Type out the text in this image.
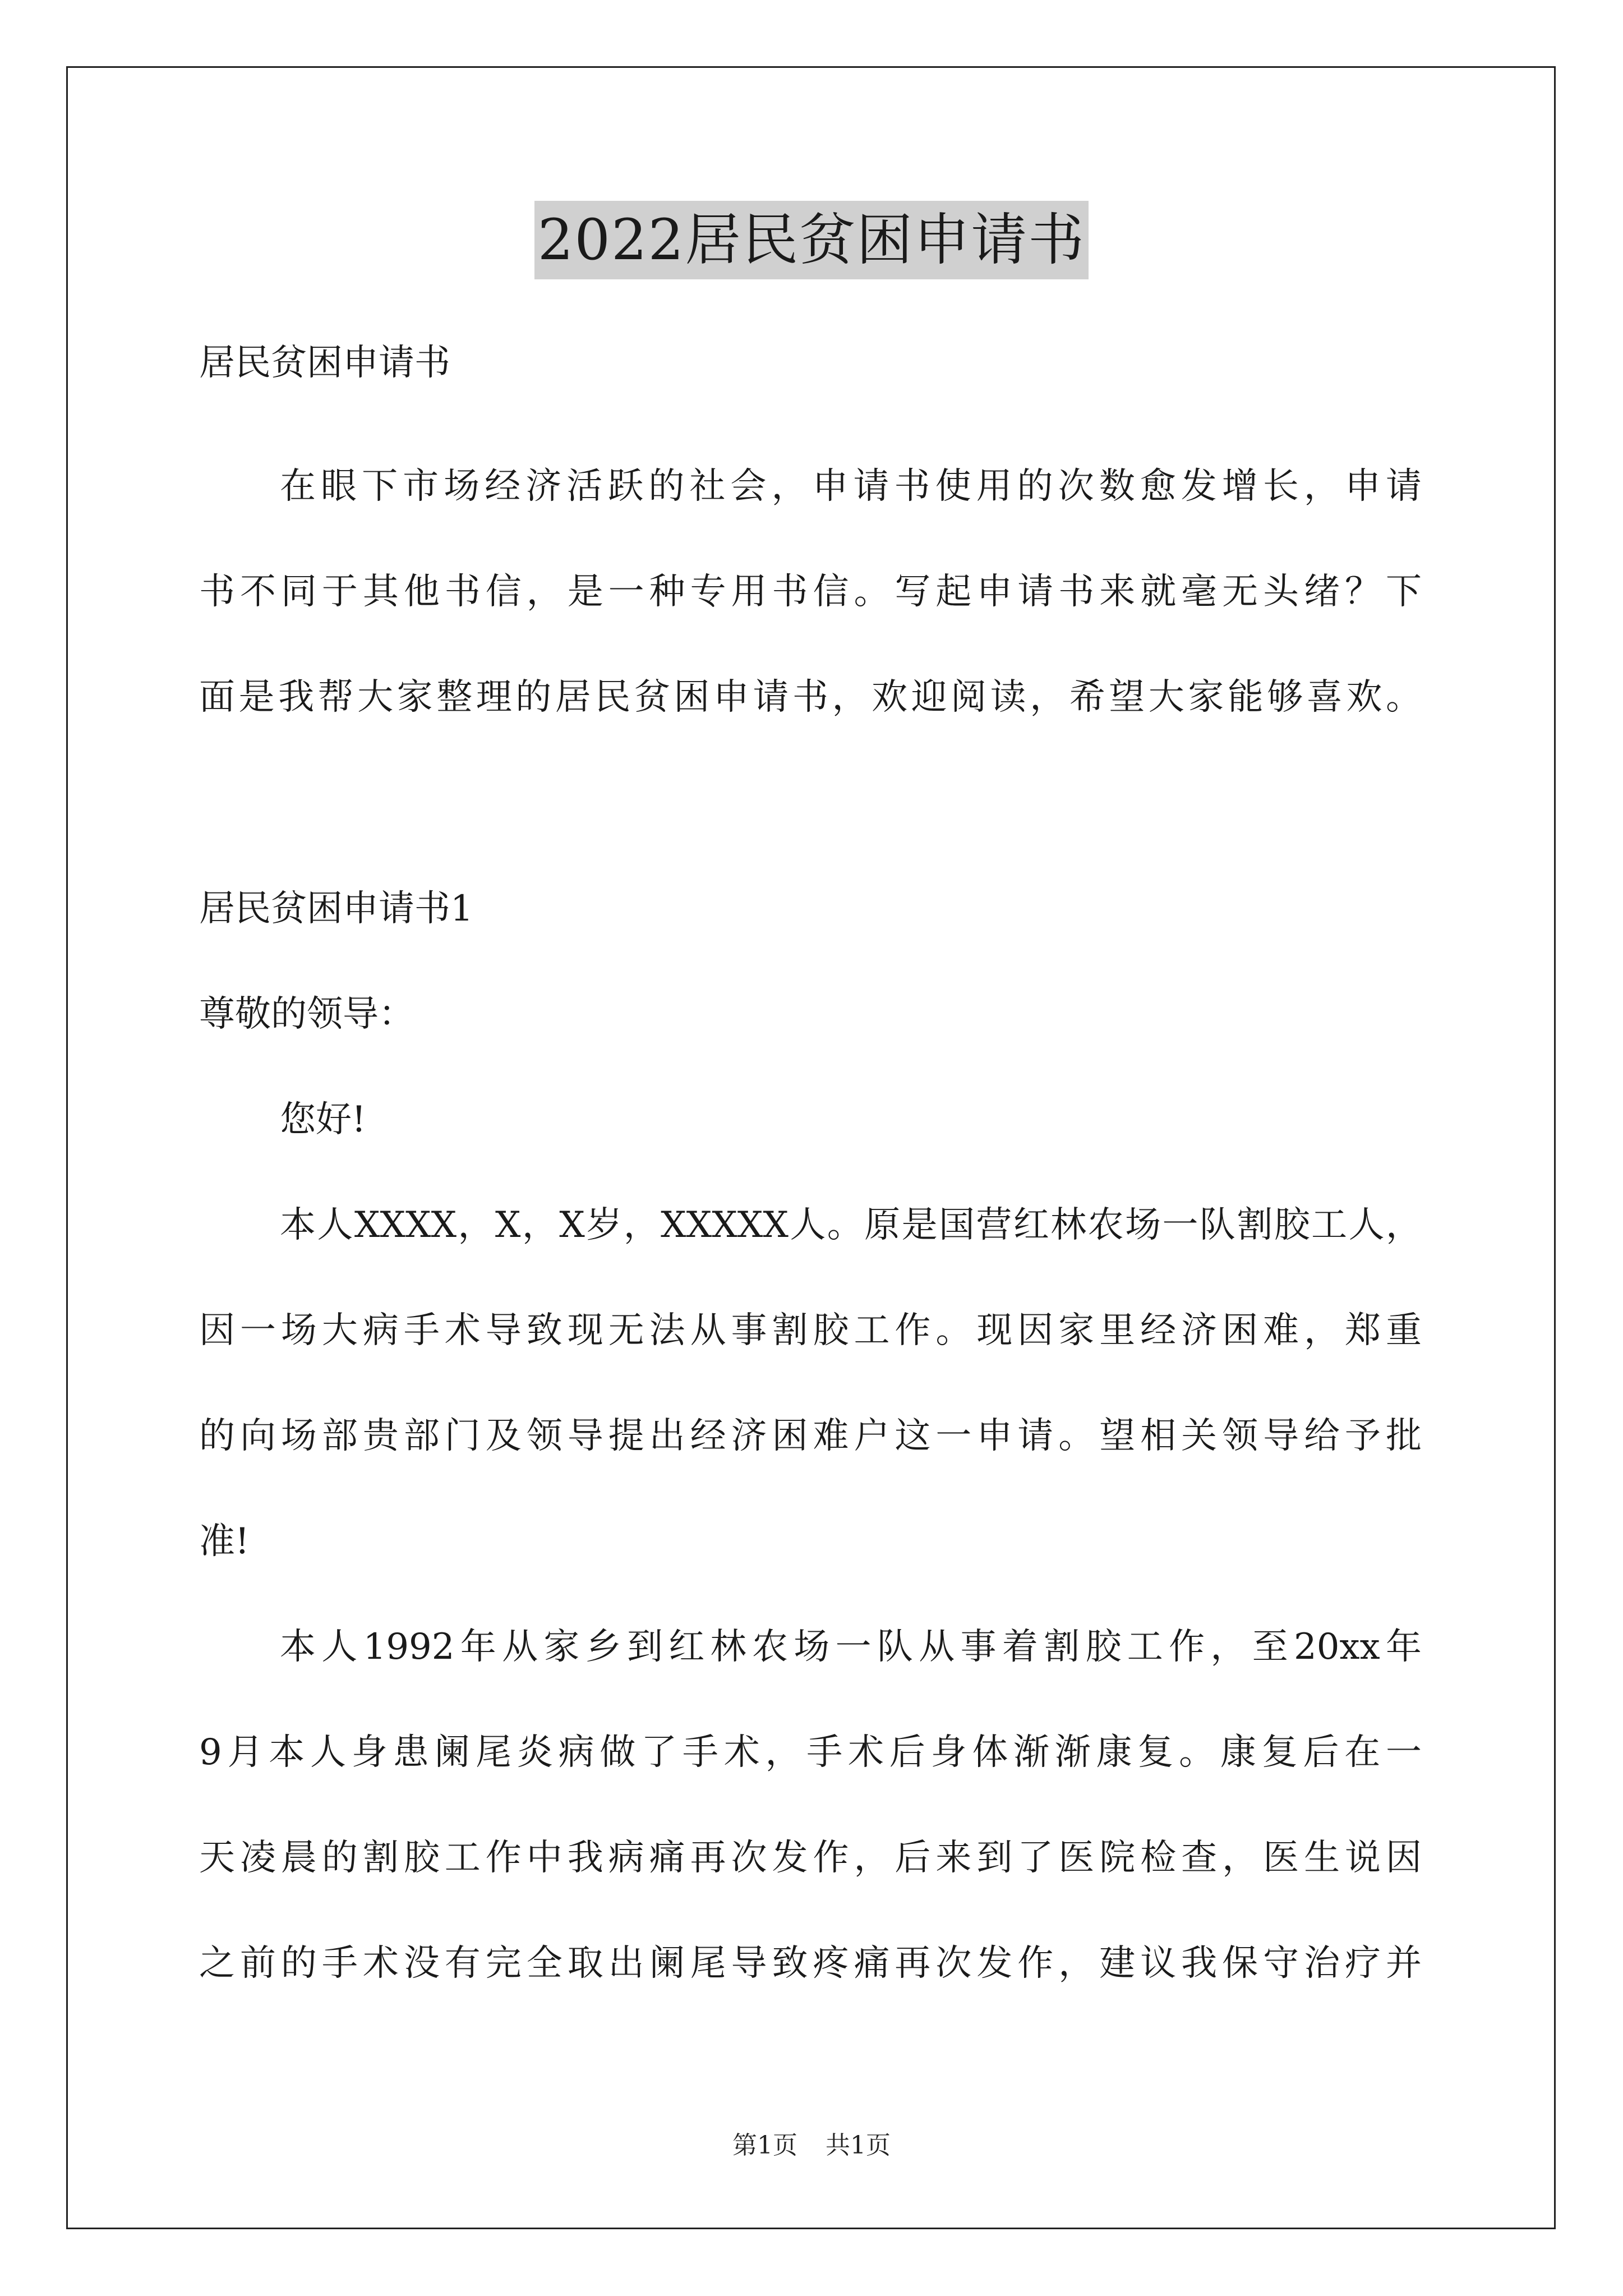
2022居民贫困申请书
居民贫困申请书
在眼下市场经济活跃的社会，申请书使用的次数愈发增长，申请
书不同于其他书信，是一种专用书信。写起申请书来就毫无头绪？下
面是我帮大家整理的居民贫困申请书，欢迎阅读，希望大家能够喜欢。
居民贫困申请书1
尊敬的领导：
您好!
本人XXXX，X，X岁，XXXXX人。原是国营红林农场一队割胶工人，
因一场大病手术导致现无法从事割胶工作。现因家里经济困难，郑重
的向场部贵部门及领导提出经济困难户这一申请。望相关领导给予批
准!
本人1992年从家乡到红林农场一队从事着割胶工作，至20xx年
9月本人身患阑尾炎病做了手术，手术后身体渐渐康复。康复后在一
天凌晨的割胶工作中我病痛再次发作，后来到了医院检查，医生说因
之前的手术没有完全取出阑尾导致疼痛再次发作，建议我保守治疗并
第1页 共1页
